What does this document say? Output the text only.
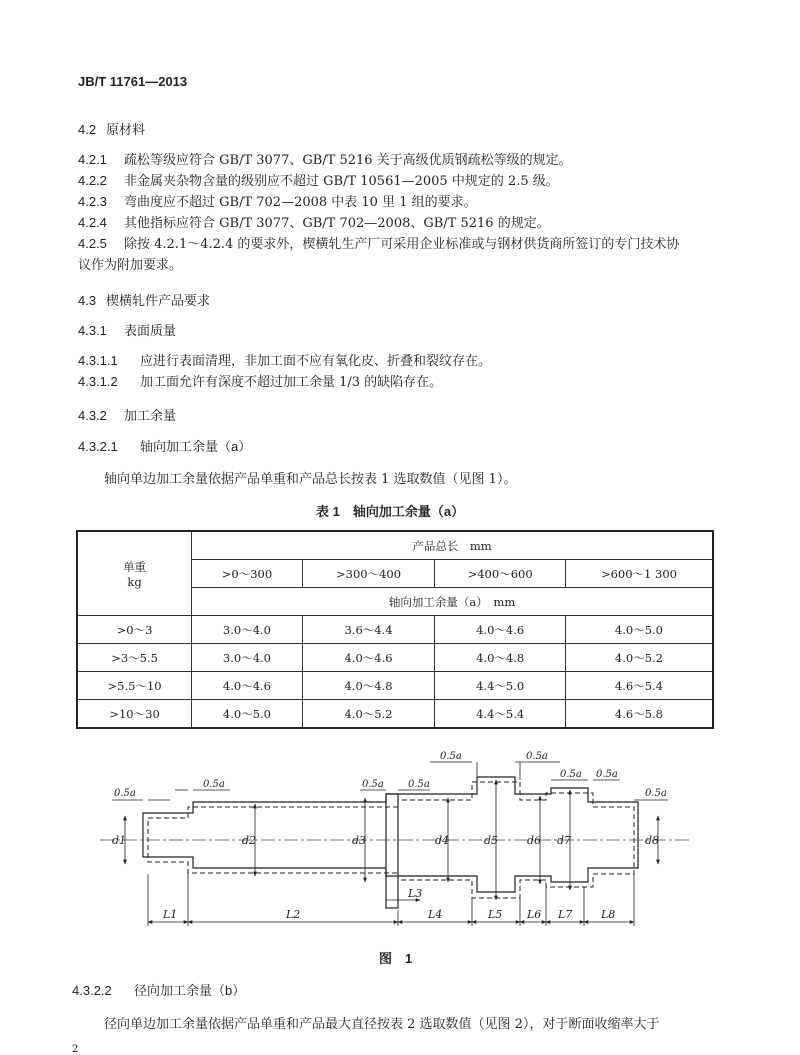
JB/T 11761—2013
4.2 原材料
4.2.1 疏松等级应符合 GB/T 3077、GB/T 5216 关于高级优质钢疏松等级的规定。
4.2.2 非金属夹杂物含量的级别应不超过 GB/T 10561—2005 中规定的 2.5 级。
4.2.3 弯曲度应不超过 GB/T 702—2008 中表 10 里 1 组的要求。
4.2.4 其他指标应符合 GB/T 3077、GB/T 702—2008、GB/T 5216 的规定。
4.2.5 除按 4.2.1～4.2.4 的要求外，楔横轧生产厂可采用企业标准或与钢材供货商所签订的专门技术协
议作为附加要求。
4.3 楔横轧件产品要求
4.3.1 表面质量
4.3.1.1 应进行表面清理，非加工面不应有氧化皮、折叠和裂纹存在。
4.3.1.2 加工面允许有深度不超过加工余量 1/3 的缺陷存在。
4.3.2 加工余量
4.3.2.1 轴向加工余量（a）
轴向单边加工余量依据产品单重和产品总长按表 1 选取数值（见图 1）。
表 1　轴向加工余量（a）
单重
kg	产品总长　mm			
	>0～300	>300～400	>400～600	>600～1 300
	轴向加工余量（a）　mm			
>0～3	3.0～4.0	3.6～4.4	4.0～4.6	4.0～5.0
>3～5.5	3.0～4.0	4.0～4.6	4.0～4.8	4.0～5.2
>5.5～10	4.0～4.6	4.0～4.8	4.4～5.0	4.6～5.4
>10～30	4.0～5.0	4.0～5.2	4.4～5.4	4.6～5.8
d1	d2	d3	d4	d5	d6 d7	d8
0.5a
0.5a	0.5a 0.5a
0.5a	0.5a
0.5a 0.5a
0.5a
L1	L2
L3
L4	L5 L6 L7	L8
图　1
4.3.2.2 径向加工余量（b）
径向单边加工余量依据产品单重和产品最大直径按表 2 选取数值（见图 2），对于断面收缩率大于
2
